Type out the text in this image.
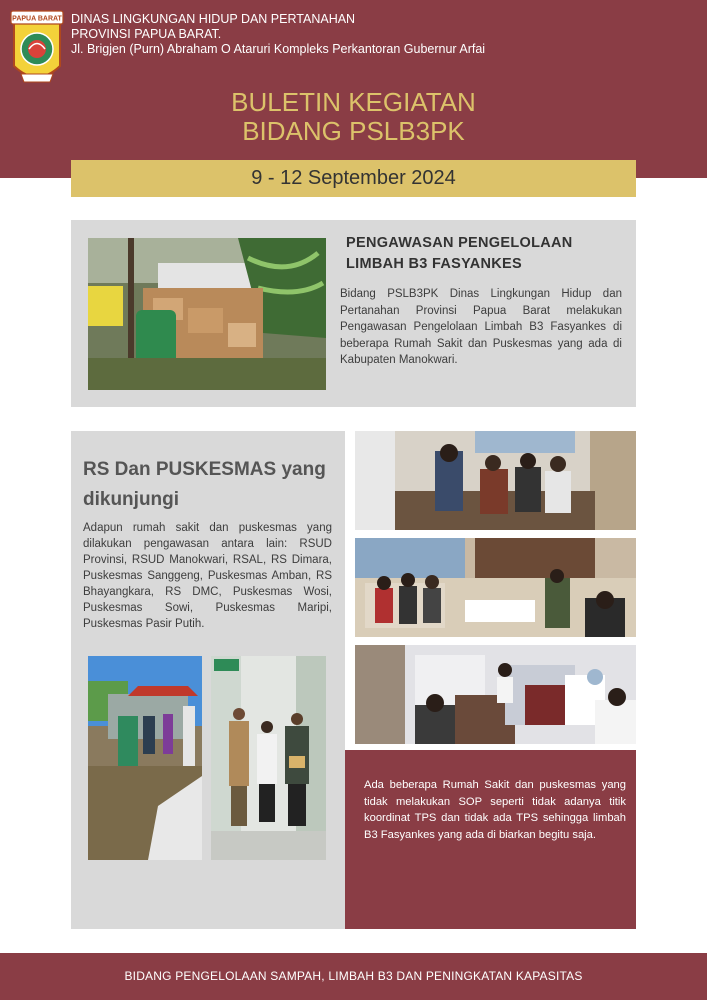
PAPUA BARAT DINAS LINGKUNGAN HIDUP DAN PERTANAHAN
PROVINSI PAPUA BARAT.
Jl. Brigjen (Purn) Abraham O Ataruri Kompleks Perkantoran Gubernur Arfai
BULETIN KEGIATAN
BIDANG PSLB3PK
9 - 12 September 2024
PENGAWASAN PENGELOLAAN LIMBAH B3 FASYANKES
Bidang PSLB3PK Dinas Lingkungan Hidup dan Pertanahan Provinsi Papua Barat melakukan Pengawasan Pengelolaan Limbah B3 Fasyankes di beberapa Rumah Sakit dan Puskesmas yang ada di Kabupaten Manokwari.
RS Dan PUSKESMAS yang dikunjungi
Adapun rumah sakit dan puskesmas yang dilakukan pengawasan antara lain: RSUD Provinsi, RSUD Manokwari, RSAL, RS Dimara, Puskesmas Sanggeng, Puskesmas Amban, RS Bhayangkara, RS DMC, Puskesmas Wosi, Puskesmas Sowi, Puskesmas Maripi, Puskesmas Pasir Putih.
Ada beberapa Rumah Sakit dan puskesmas yang tidak melakukan SOP seperti tidak adanya titik koordinat TPS dan tidak ada TPS sehingga limbah B3 Fasyankes yang ada di biarkan begitu saja.
BIDANG PENGELOLAAN SAMPAH, LIMBAH B3 DAN PENINGKATAN KAPASITAS
